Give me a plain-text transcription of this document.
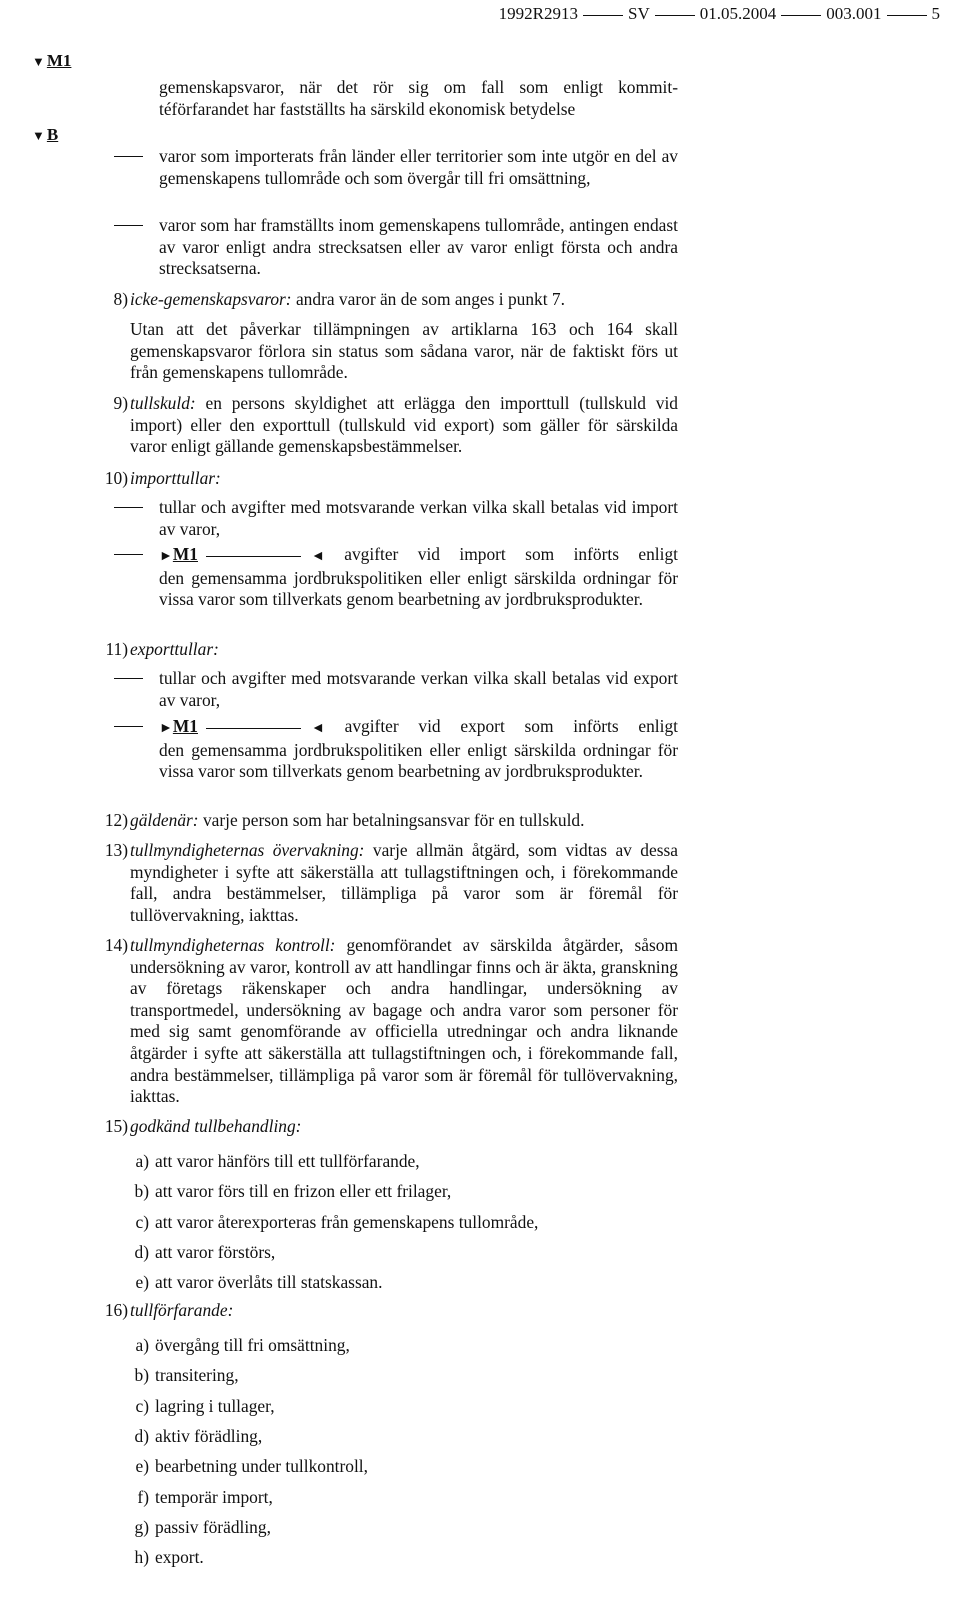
1992R2913	SV	01.05.2004	003.001	5
▼ M1
▼ B
gemenskapsvaror, när det rör sig om fall som enligt kommit-
téförfarandet har fastställts ha särskild ekonomisk betydelse
varor som importerats från länder eller territorier som inte utgör en del av gemenskapens tullområde och som övergår till fri omsättning,
varor som har framställts inom gemenskapens tullområde, antingen endast av varor enligt andra strecksatsen eller av varor enligt första och andra strecksatserna.
8) icke-gemenskapsvaror: andra varor än de som anges i punkt 7.
Utan att det påverkar tillämpningen av artiklarna 163 och 164 skall gemenskapsvaror förlora sin status som sådana varor, när de faktiskt förs ut från gemenskapens tullområde.
9) tullskuld: en persons skyldighet att erlägga den importtull (tullskuld vid import) eller den exporttull (tullskuld vid export) som gäller för särskilda varor enligt gällande gemenskapsbestämmelser.
10) importtullar:
tullar och avgifter med motsvarande verkan vilka skall betalas vid import av varor,
►M1	◄ avgifter vid import som införts enligt
den gemensamma jordbrukspolitiken eller enligt särskilda ordningar för vissa varor som tillverkats genom bearbetning av jordbruksprodukter.
11) exporttullar:
tullar och avgifter med motsvarande verkan vilka skall betalas vid export av varor,
►M1	◄ avgifter vid export som införts enligt
den gemensamma jordbrukspolitiken eller enligt särskilda ordningar för vissa varor som tillverkats genom bearbetning av jordbruksprodukter.
12) gäldenär: varje person som har betalningsansvar för en tullskuld.
13) tullmyndigheternas övervakning: varje allmän åtgärd, som vidtas av dessa myndigheter i syfte att säkerställa att tullagstiftningen och, i förekommande fall, andra bestämmelser, tillämpliga på varor som är föremål för tullövervakning, iakttas.
14) tullmyndigheternas kontroll: genomförandet av särskilda åtgärder, såsom undersökning av varor, kontroll av att handlingar finns och är äkta, granskning av företags räkenskaper och andra handlingar, undersökning av transportmedel, undersökning av bagage och andra varor som personer för med sig samt genomförande av officiella utredningar och andra liknande åtgärder i syfte att säkerställa att tullagstiftningen och, i förekommande fall, andra bestämmelser, tillämpliga på varor som är föremål för tullövervakning, iakttas.
15) godkänd tullbehandling:
a) att varor hänförs till ett tullförfarande,
b) att varor förs till en frizon eller ett frilager,
c) att varor återexporteras från gemenskapens tullområde,
d) att varor förstörs,
e) att varor överlåts till statskassan.
16) tullförfarande:
a) övergång till fri omsättning,
b) transitering,
c) lagring i tullager,
d) aktiv förädling,
e) bearbetning under tullkontroll,
f) temporär import,
g) passiv förädling,
h) export.
